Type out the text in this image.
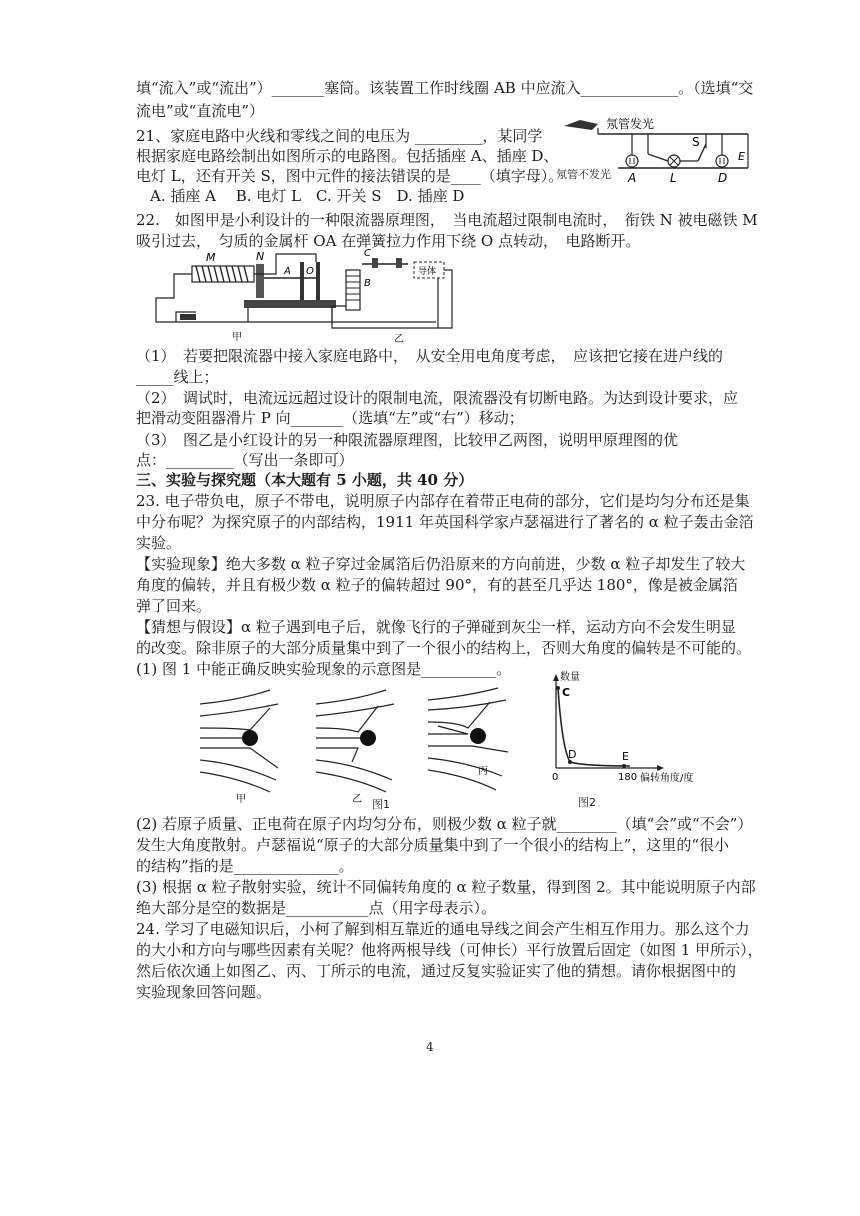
填“流入”或“流出”）_______塞筒。该装置工作时线圈 AB 中应流入_____________。（选填“交
流电”或“直流电”）
21、家庭电路中火线和零线之间的电压为 _________，某同学
根据家庭电路绘制出如图所示的电路图。包括插座 A、插座 D、
电灯 L，还有开关 S，图中元件的接法错误的是____（填字母）。
A. 插座 A　 B. 电灯 L　C. 开关 S　D. 插座 D
22.　如图甲是小利设计的一种限流器原理图，　当电流超过限制电流时，　衔铁 N 被电磁铁 M
吸引过去，　匀质的金属杆 OA 在弹簧拉力作用下绕 O 点转动，　电路断开。
（1）　若要把限流器中接入家庭电路中，　从安全用电角度考虑，　应该把它接在进户线的
_____线上；
（2）　调试时，电流远远超过设计的限制电流，限流器没有切断电路。为达到设计要求，应
把滑动变阻器滑片 P 向_______（选填“左”或“右”）移动；
（3）　图乙是小红设计的另一种限流器原理图，比较甲乙两图，说明甲原理图的优
点：_________（写出一条即可）
三、实验与探究题（本大题有 5 小题，共 40 分）
23. 电子带负电，原子不带电，说明原子内部存在着带正电荷的部分，它们是均匀分布还是集
中分布呢？为探究原子的内部结构，1911 年英国科学家卢瑟福进行了著名的 α 粒子轰击金箔
实验。
【实验现象】绝大多数 α 粒子穿过金属箔后仍沿原来的方向前进，少数 α 粒子却发生了较大
角度的偏转，并且有极少数 α 粒子的偏转超过 90°，有的甚至几乎达 180°，像是被金属箔
弹了回来。
【猜想与假设】α 粒子遇到电子后，就像飞行的子弹碰到灰尘一样，运动方向不会发生明显
的改变。除非原子的大部分质量集中到了一个很小的结构上，否则大角度的偏转是不可能的。
(1) 图 1 中能正确反映实验现象的示意图是__________。
(2) 若原子质量、正电荷在原子内均匀分布，则极少数 α 粒子就________（填“会”或“不会”）
发生大角度散射。卢瑟福说“原子的大部分质量集中到了一个很小的结构上”，这里的“很小
的结构”指的是______________。
(3) 根据 α 粒子散射实验，统计不同偏转角度的 α 粒子数量，得到图 2。其中能说明原子内部
绝大部分是空的数据是___________点（用字母表示）。
24. 学习了电磁知识后，小柯了解到相互靠近的通电导线之间会产生相互作用力。那么这个力
的大小和方向与哪些因素有关呢？他将两根导线（可伸长）平行放置后固定（如图 1 甲所示），
然后依次通上如图乙、丙、丁所示的电流，通过反复实验证实了他的猜想。请你根据图中的
实验现象回答问题。
氖管发光
A	L
S
D
E
氖管不发光
M	N
A O
甲
B
C
导体
乙
甲	乙
丙
图1
数量
C
D	E
0	180 偏转角度/度
图2
4
